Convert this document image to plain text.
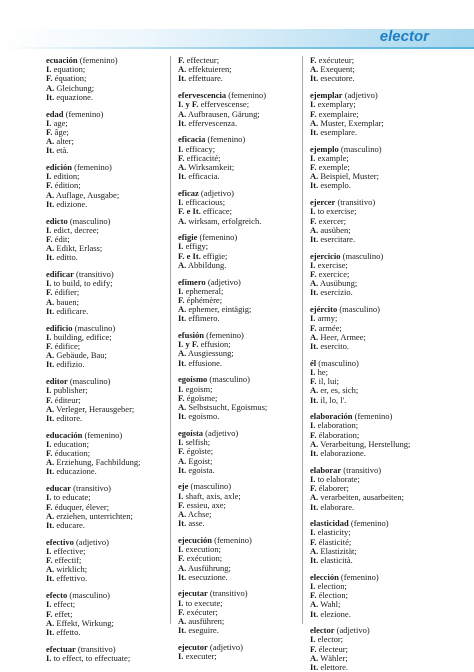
elector

ecuación (femenino)

I. equation;

F. équation;

A. Gleichung;

It. equazione.

edad (femenino)

I. age;

F. âge;

A. alter;

It. età.

edición (femenino)

I. edition;

F. édition;

A. Auflage, Ausgabe;

It. edizione.

edicto (masculino)

I. edict, decree;

F. édit;

A. Edikt, Erlass;

It. editto.

edificar (transitivo)

I. to build, to edify;

F. édifier;

A. bauen;

It. edificare.

edificio (masculino)

I. building, edifice;

F. édifice;

A. Gebäude, Bau;

It. edifizio.

editor (masculino)

I. publisher;

F. éditeur;

A. Verleger, Herausgeber;

It. editore.

educación (femenino)

I. education;

F. éducation;

A. Erziehung, Fachbildung;

It. educazione.

educar (transitivo)

I. to educate;

F. éduquer, élever;

A. erziehen, unterrichten;

It. educare.

efectivo (adjetivo)

I. effective;

F. effectif;

A. wirklich;

It. effettivo.

efecto (masculino)

I. effect;

F. effet;

A. Effekt, Wirkung;

It. effetto.

efectuar (transitivo)

I. to effect, to effectuate;

F. effecteur;

A. effektuieren;

It. effettuare.

efervescencia (femenino)

I. y F. effervescense;

A. Aufbrausen, Gärung;

It. effervescenza.

eficacia (femenino)

I. efficacy;

F. efficacité;

A. Wirksamkeit;

It. efficacia.

eficaz (adjetivo)

I. efficacious;

F. e It. efficace;

A. wirksam, erfolgreich.

efigie (femenino)

I. effigy;

F. e It. effigie;

A. Abbildung.

efímero (adjetivo)

I. ephemeral;

F. éphémère;

A. ephemer, eintägig;

It. effimero.

efusión (femenino)

I. y F. effusion;

A. Ausgiessung;

It. effusione.

egoísmo (masculino)

I. egoism;

F. égoïsme;

A. Selbstsucht, Egoismus;

It. egoismo.

egoísta (adjetivo)

I. selfish;

F. égoïste;

A. Egoist;

It. egoista.

eje (masculino)

I. shaft, axis, axle;

F. essieu, axe;

A. Achse;

It. asse.

ejecución (femenino)

I. execution;

F. exécution;

A. Ausführung;

It. esecuzione.

ejecutar (transitivo)

I. to execute;

F. exécuter;

A. ausführen;

It. eseguire.

ejecutor (adjetivo)

I. executer;

F. exécuteur;

A. Exequent;

It. esecutore.

ejemplar (adjetivo)

I. exemplary;

F. exemplaire;

A. Muster, Exemplar;

It. esemplare.

ejemplo (masculino)

I. example;

F. exemple;

A. Beispiel, Muster;

It. esemplo.

ejercer (transitivo)

I. to exercise;

F. exercer;

A. ausüben;

It. esercitare.

ejercicio (masculino)

I. exercise;

F. exercice;

A. Ausübung;

It. esercizio.

ejército (masculino)

I. army;

F. armée;

A. Heer, Armee;

It. esercito.

él (masculino)

I. he;

F. il, lui;

A. er, es, sich;

It. il, lo, l'.

elaboración (femenino)

I. elaboration;

F. élaboration;

A. Verarbeitung, Herstellung;

It. elaborazione.

elaborar (transitivo)

I. to elaborate;

F. élaborer;

A. verarbeiten, ausarbeiten;

It. elaborare.

elasticidad (femenino)

I. elasticity;

F. élasticité;

A. Elastizität;

It. elasticità.

elección (femenino)

I. election;

F. élection;

A. Wahl;

It. elezione.

elector (adjetivo)

I. elector;

F. électeur;

A. Wähler;

It. elettore.
